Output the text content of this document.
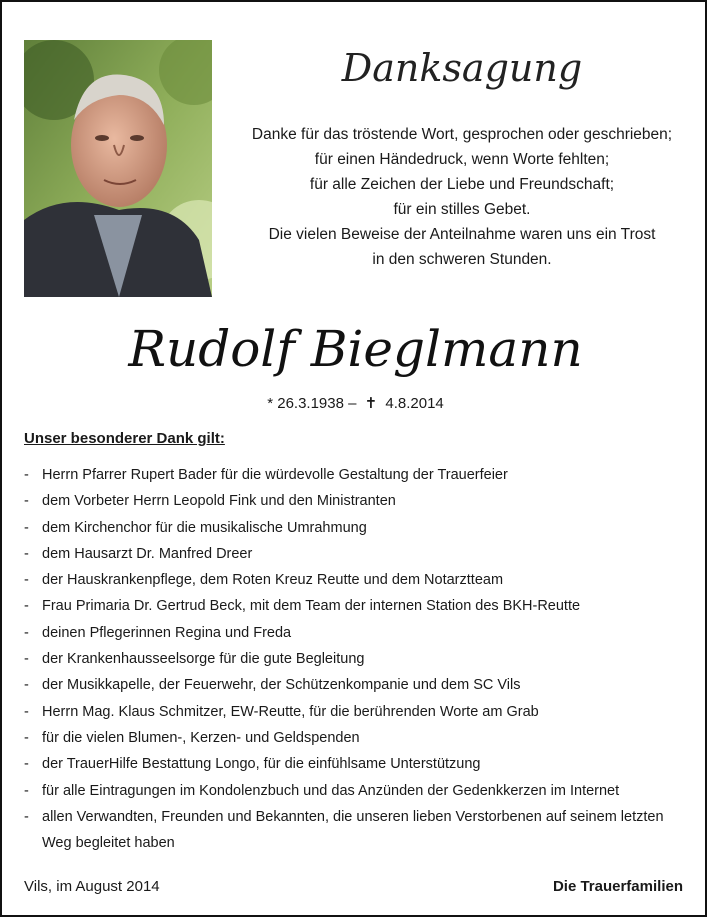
Danksagung
Danke für das tröstende Wort, gesprochen oder geschrieben;
für einen Händedruck, wenn Worte fehlten;
für alle Zeichen der Liebe und Freundschaft;
für ein stilles Gebet.
Die vielen Beweise der Anteilnahme waren uns ein Trost
in den schweren Stunden.
Rudolf Bieglmann
* 26.3.1938 – ✝ 4.8.2014
Unser besonderer Dank gilt:
- Herrn Pfarrer Rupert Bader für die würdevolle Gestaltung der Trauerfeier
- dem Vorbeter Herrn Leopold Fink und den Ministranten
- dem Kirchenchor für die musikalische Umrahmung
- dem Hausarzt Dr. Manfred Dreer
- der Hauskrankenpflege, dem Roten Kreuz Reutte und dem Notarztteam
- Frau Primaria Dr. Gertrud Beck, mit dem Team der internen Station des BKH-Reutte
- deinen Pflegerinnen Regina und Freda
- der Krankenhausseelsorge für die gute Begleitung
- der Musikkapelle, der Feuerwehr, der Schützenkompanie und dem SC Vils
- Herrn Mag. Klaus Schmitzer, EW-Reutte, für die berührenden Worte am Grab
- für die vielen Blumen-, Kerzen- und Geldspenden
- der TrauerHilfe Bestattung Longo, für die einfühlsame Unterstützung
- für alle Eintragungen im Kondolenzbuch und das Anzünden der Gedenkkerzen im Internet
- allen Verwandten, Freunden und Bekannten, die unseren lieben Verstorbenen auf seinem letzten Weg begleitet haben
Vils, im August 2014	Die Trauerfamilien
